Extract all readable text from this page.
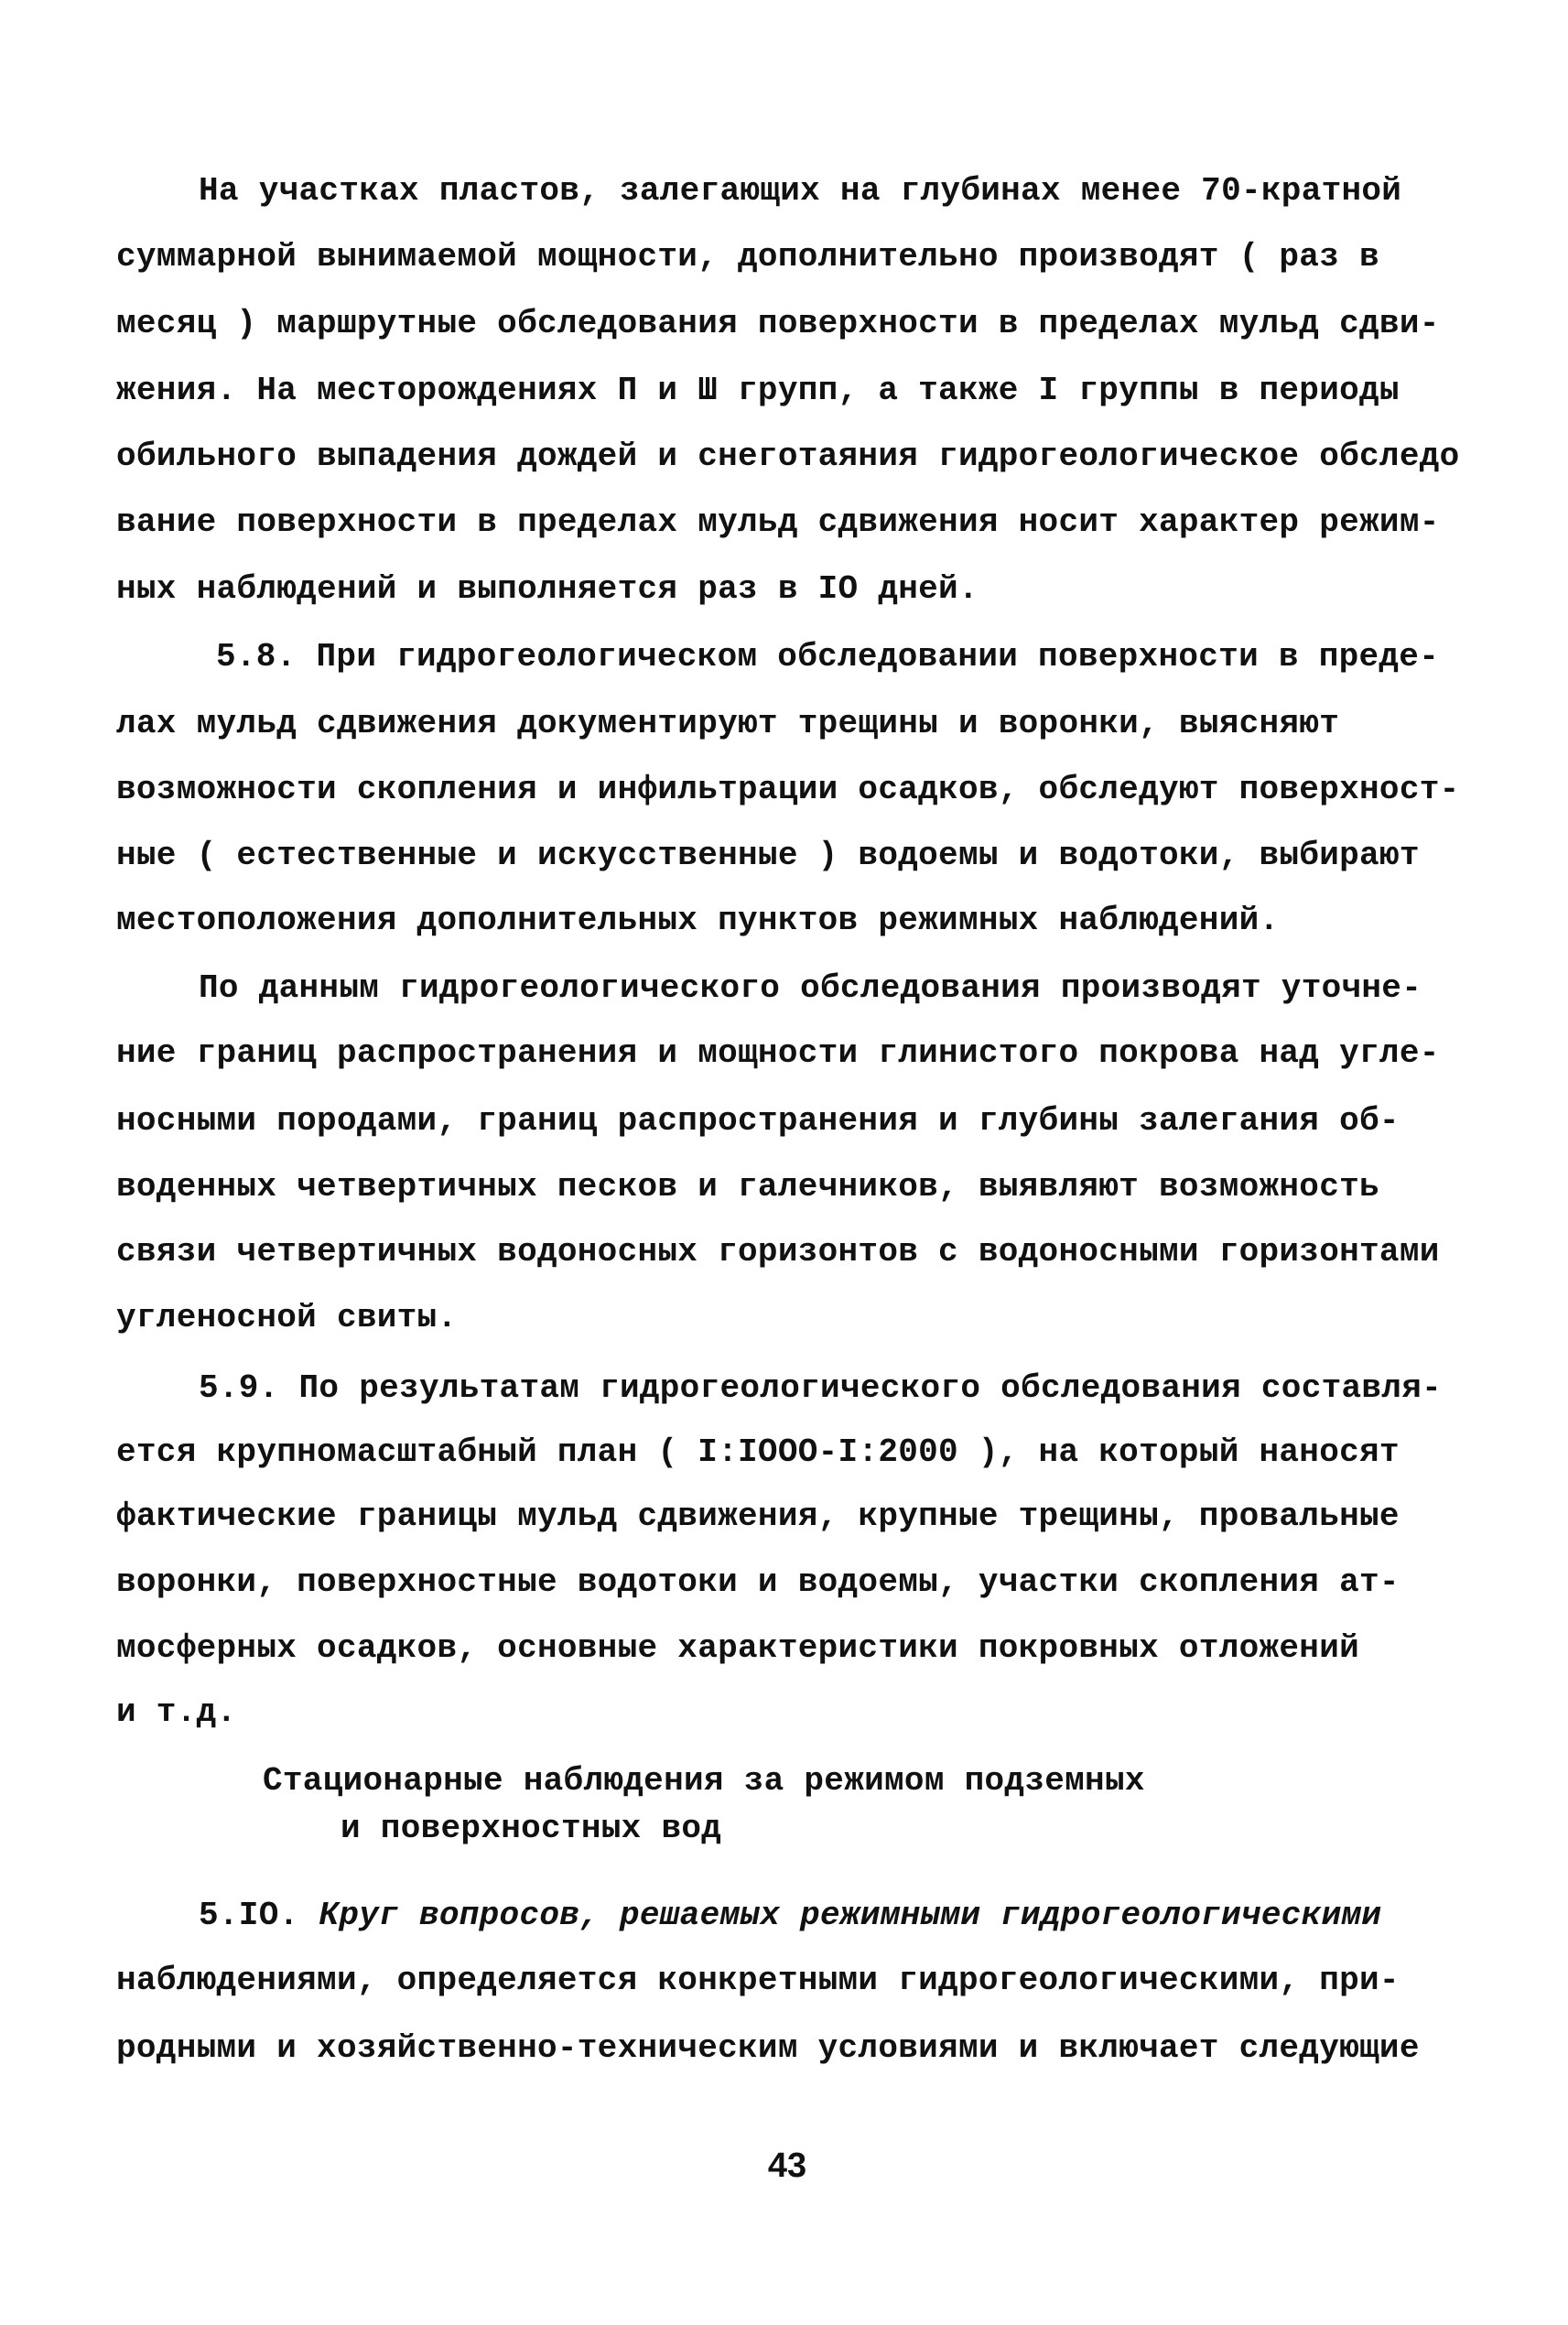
На участках пластов, залегающих на глубинах менее 70-кратной
суммарной вынимаемой мощности, дополнительно производят ( раз в
месяц ) маршрутные обследования поверхности в пределах мульд сдви-
жения. На месторождениях П и Ш групп, а также I группы в периоды
обильного выпадения дождей и снеготаяния гидрогеологическое обследо
вание поверхности в пределах мульд сдвижения носит характер режим-
ных наблюдений и выполняется раз в IO дней.
5.8. При гидрогеологическом обследовании поверхности в преде-
лах мульд сдвижения документируют трещины и воронки, выясняют
возможности скопления и инфильтрации осадков, обследуют поверхност-
ные ( естественные и искусственные ) водоемы и водотоки, выбирают
местоположения дополнительных пунктов режимных наблюдений.
По данным гидрогеологического обследования производят уточне-
ние границ распространения и мощности глинистого покрова над угле-
носными породами, границ распространения и глубины залегания об-
воденных четвертичных песков и галечников, выявляют возможность
связи четвертичных водоносных горизонтов с водоносными горизонтами
угленосной свиты.
5.9. По результатам гидрогеологического обследования составля-
ется крупномасштабный план ( I:IOOO-I:2000 ), на который наносят
фактические границы мульд сдвижения, крупные трещины, провальные
воронки, поверхностные водотоки и водоемы, участки скопления ат-
мосферных осадков, основные характеристики покровных отложений
и т.д.
Стационарные наблюдения за режимом подземных
и поверхностных вод
5.IO. Круг вопросов, решаемых режимными гидрогеологическими
наблюдениями, определяется конкретными гидрогеологическими, при-
родными и хозяйственно-техническим условиями и включает следующие
43
